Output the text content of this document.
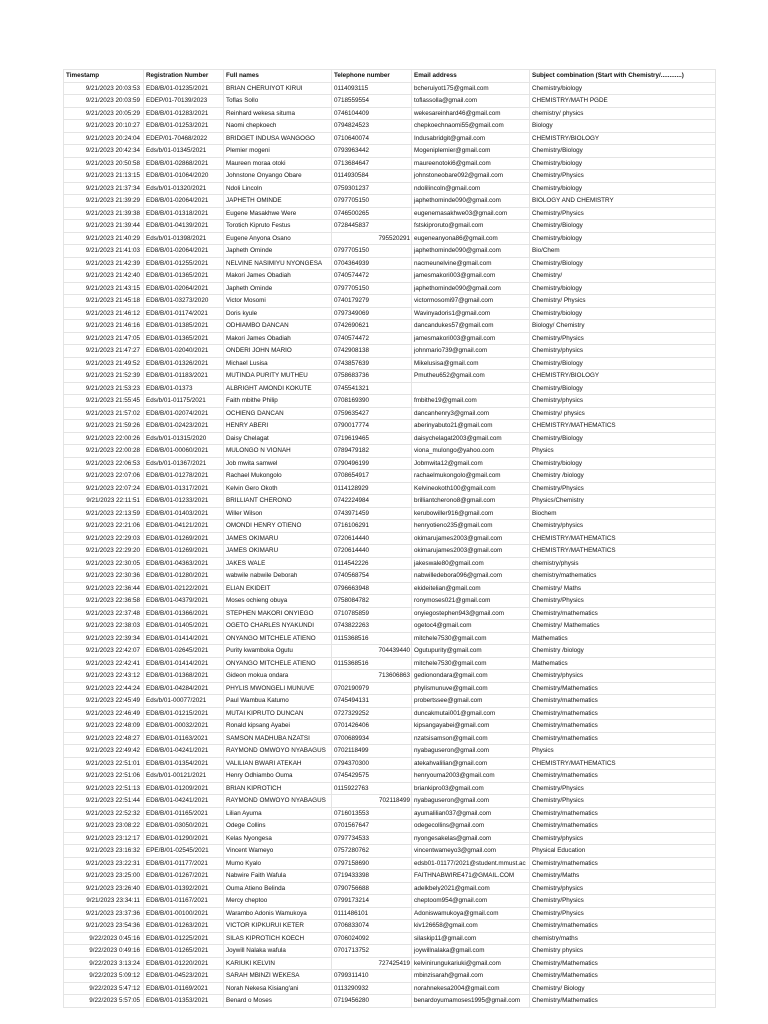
Timestamp	Registration Number	Full names	Telephone number	Email address	Subject combination (Start with Chemistry/............)
9/21/2023 20:03:53	ED8/B/01-01235/2021	BRIAN CHERUIYOT KIRUI	0114093115	bcheruiyot175@gmail.com	Chemistry/biology
9/21/2023 20:03:59	EDEP/01-70139/2023	Toflas Sollo	0718559554	toflassolla@gmail.com	CHEMISTRY/MATH PGDE
9/21/2023 20:05:29	ED8/B/01-01283/2021	Reinhard wekesa situma	0746104409	wekesareinhard46@gmail.com	chemistry/ physics
9/21/2023 20:10:27	ED8/B/01-01253/2021	Naomi chepkoech	0794824523	chepkoechnaomi55@gmail.com	Biology
9/21/2023 20:24:04	EDEP/01-70468/2022	BRIDGET INDUSA WANGOGO	0710640074	Indusabridgit@gmail.com	CHEMISTRY/BIOLOGY
9/21/2023 20:42:34	Eds/b/01-01345/2021	Plemier mogeni	0793963442	Mogeniplemier@gmail.com	Chemistry/Biology
9/21/2023 20:50:58	ED8/B/01-02868/2021	Maureen moraa otoki	0713684647	maureenotoki6@gmail.com	Chemistry/biology
9/21/2023 21:13:15	ED8/B/01-01064/2020	Johnstone Onyango Obare	0114930584	johnstoneobare092@gmail.com	Chemistry/Physics
9/21/2023 21:37:34	Eds/b/01-01320/2021	Ndoli Lincoln	0759301237	ndolilincoln@gmail.com	Chemistry/biology
9/21/2023 21:39:29	ED8/B/01-02064/2021	JAPHETH OMINDE	0797705150	japhethominde090@gmail.com	BIOLOGY AND CHEMISTRY
9/21/2023 21:39:38	ED8/B/01-01318/2021	Eugene Masakhwe Were	0746500265	eugenemasakhwe03@gmail.com	Chemistry/Physics
9/21/2023 21:39:44	ED8/B/01-04139/2021	Torotich Kipruto Festus	0728445837	fstskiproruto@gmail.com	Chemistry/Biology
9/21/2023 21:40:29	Eds/b/01-01398/2021	Eugene Anyona Osano	795520291	eugeneanyona86@gmail.com	Chemistry/biology
9/21/2023 21:41:03	ED8/B/01-02064/2021	Japheth Ominde	0797705150	japhethominde090@gmail.com	Bio/Chem
9/21/2023 21:42:39	ED8/B/01-01255/2021	NELVINE NASIMIYU NYONGESA	0704364939	nacmeunelvine@gmail.com	Chemistry/Biology
9/21/2023 21:42:40	ED8/B/01-01365/2021	Makori James Obadiah	0740574472	jamesmakori003@gmail.com	Chemistry/
9/21/2023 21:43:15	ED8/B/01-02064/2021	Japheth Ominde	0797705150	japhethominde090@gmail.com	Chemistry/biology
9/21/2023 21:45:18	ED8/B/01-03273/2020	Victor Mosomi	0740179279	victormosomi97@gmail.com	Chemistry/ Physics
9/21/2023 21:46:12	ED8/B/01-01174/2021	Doris kyule	0797349069	Wavinyadoris1@gmail.com	Chemistry/biology
9/21/2023 21:46:16	ED8/B/01-01385/2021	ODHIAMBO DANCAN	0742690621	dancandukes57@gmail.com	Biology/ Chemistry
9/21/2023 21:47:05	ED8/B/01-01365/2021	Makori James Obadiah	0740574472	jamesmakori003@gmail.com	Chemistry/Physics
9/21/2023 21:47:27	ED8/B/01-02040/2021	ONDERI JOHN MARIO	0742908138	johnmario739@gmail.com	Chemistry/physics
9/21/2023 21:49:52	ED8/B/01-01326/2021	Michael Lusisa	0743857639	Mikelusisa@gmail.com	Chemistry/Biology
9/21/2023 21:52:39	ED8/B/01-01183/2021	MUTINDA PURITY MUTHEU	0758683736	Pmutheu652@gmail.com	CHEMISTRY/BIOLOGY
9/21/2023 21:53:23	ED8/B/01-01373	ALBRIGHT AMONDI KOKUTE	0745541321		Chemistry/Biology
9/21/2023 21:55:45	Eds/b/01-01175/2021	Faith mbithe Philip	0708169390	fmbithe19@gmail.com	Chemistry/physics
9/21/2023 21:57:02	ED8/B/01-02074/2021	OCHIENG DANCAN	0759635427	dancanhenry3@gmail.com	Chemistry/ physics
9/21/2023 21:59:26	ED8/B/01-02423/2021	HENRY ABERI	0790017774	aberinyabuto21@gmail.com	CHEMISTRY/MATHEMATICS
9/21/2023 22:00:26	Eds/b/01-01315/2020	Daisy Chelagat	0719619465	daisychelagat2003@gmail.com	Chemistry/Biology
9/21/2023 22:00:28	ED8/B/01-00060/2021	MULONGO N VIONAH	0789479182	viona_mulongo@yahoo.com	Physics
9/21/2023 22:06:53	Eds/b/01-01367/2021	Job mwita samwel	0790496199	Jobmwita12@gmail.com	Chemistry/biology
9/21/2023 22:07:06	ED8/B/01-01278/2021	Rachael Mukongolo	0708654917	rachaelmukongolo@gmail.com	Chemistry /biology
9/21/2023 22:07:24	ED8/B/01-01317/2021	Kelvin Gero Okoth	0114128929	Kelvineokoth100@gmail.com	Chemistry/Physics
9/21/2023 22:11:51	ED8/B/01-01233/2021	BRILLIANT CHERONO	0742224984	brilliantcherono8@gmail.com	Physics/Chemistry
9/21/2023 22:13:59	ED8/B/01-01403/2021	Willer Wilson	0743971459	kerubowiller916@gmail.com	Biochem
9/21/2023 22:21:06	ED8/B/01-04121/2021	OMONDI HENRY OTIENO	0716106291	henryotieno235@gmail.com	Chemistry/physics
9/21/2023 22:29:03	ED8/B/01-01269/2021	JAMES OKIMARU	0720614440	okimarujames2003@gmail.com	CHEMISTRY/MATHEMATICS
9/21/2023 22:29:20	ED8/B/01-01269/2021	JAMES OKIMARU	0720614440	okimarujames2003@gmail.com	CHEMISTRY/MATHEMATICS
9/21/2023 22:30:05	ED8/B/01-04363/2021	JAKES WALE	0114542226	jakeswale80@gmail.com	chemistry/physis
9/21/2023 22:30:36	ED8/B/01-01280/2021	wabwile nabwile Deborah	0740568754	nabwilledebora096@gmail.com	chemistry/mathematics
9/21/2023 22:36:44	ED8/B/01-02122/2021	ELIAN EKIDEIT	0796663948	ekideitelian@gmail.com	Chemistry/ Maths
9/21/2023 22:36:58	ED8/B/01-04379/2021	Moses ochieng obuya	0758084782	ronymoses021@gmail.com	Chemistry/Physics
9/21/2023 22:37:48	ED8/B/01-01366/2021	STEPHEN MAKORI ONYIEGO	0710785859	onyiegostephen943@gmail.com	Chemistry/mathematics
9/21/2023 22:38:03	ED8/B/01-01405/2021	OGETO CHARLES NYAKUNDI	0743822263	ogetoc4@gmail.com	Chemistry/ Mathematics
9/21/2023 22:39:34	ED8/B/01-01414/2021	ONYANGO MITCHELE ATIENO	0115368516	mitchele7530@gmail.com	Mathematics
9/21/2023 22:42:07	ED8/B/01-02645/2021	Purity kwamboka Ogutu	704439440	Ogutupurity@gmail.com	Chemistry /biology
9/21/2023 22:42:41	ED8/B/01-01414/2021	ONYANGO MITCHELE ATIENO	0115368516	mitchele7530@gmail.com	Mathematics
9/21/2023 22:43:12	ED8/B/01-01368/2021	Gideon mokua ondara	713606863	gedionondara@gmail.com	Chemistry/physics
9/21/2023 22:44:24	ED8/B/01-04284/2021	PHYLIS MWONGELI MUNUVE	0702190979	phylismunuve@gmail.com	Chemistry/Mathematics
9/21/2023 22:45:49	Eds/b/01-00077/2021	Paul Wambua Katumo	0745494131	probertssee@gmail.com	Chemistry/mathematics
9/21/2023 22:46:49	ED8/B/01-01215/2021	MUTAI KIPRUTO DUNCAN	0727329252	duncakmutai001@gmail.com	Chemistry/mathematics
9/21/2023 22:48:09	ED8/B/01-00032/2021	Ronald kipsang Ayabei	0701426406	kipsangayabei@gmail.com	Chemistry/mathematics
9/21/2023 22:48:27	ED8/B/01-01163/2021	SAMSON MADHUBA NZATSI	0700689934	nzatsisamson@gmail.com	Chemistry/mathematics
9/21/2023 22:49:42	ED8/B/01-04241/2021	RAYMOND OMWOYO NYABAGUS	0702118499	nyabaguseron@gmail.com	Physics
9/21/2023 22:51:01	ED8/B/01-01354/2021	VALILIAN BWARI ATEKAH	0794370300	atekahvalilian@gmail.com	CHEMISTRY/MATHEMATICS
9/21/2023 22:51:06	Eds/b/01-00121/2021	Henry Odhiambo Ouma	0745429575	henryouma2003@gmail.com	Chemistry/mathematics
9/21/2023 22:51:13	ED8/B/01-01209/2021	BRIAN KIPROTICH	0115922763	briankipro03@gmail.com	Chemistry/Physics
9/21/2023 22:51:44	ED8/B/01-04241/2021	RAYMOND OMWOYO NYABAGUS	702118499	nyabaguseron@gmail.com	Chemistry/Physics
9/21/2023 22:52:32	ED8/B/01-01165/2021	Lilian Ayuma	0716013553	ayumalilian037@gmail.com	Chemistry/mathematics
9/21/2023 23:08:22	ED8/B/01-03050/2021	Odege Collins	0701567647	odegecollins@gmail.com	Chemistry/mathematics
9/21/2023 23:12:17	ED8/B/01-01290/2021	Kelas Nyongesa	0797734533	nyongesakelas@gmail.com	Chemistry/physics
9/21/2023 23:16:32	EPE/B/01-02545/2021	Vincent Wameyo	0757280762	vincentwameyo3@gmail.com	Physical Education
9/21/2023 23:22:31	ED8/B/01-01177/2021	Mumo Kyalo	0797158690	edsb01-01177/2021@student.mmust.ac	Chemistry/mathematics
9/21/2023 23:25:00	ED8/B/01-01267/2021	Nabwire Faith Wafula	0719433398	FAITHNABWIRE471@GMAIL.COM	Chemistry/Maths
9/21/2023 23:26:40	ED8/B/01-01392/2021	Ouma Atieno Belinda	0790756688	adelkbely2021@gmail.com	Chemistry/physics
9/21/2023 23:34:11	ED8/B/01-01167/2021	Mercy cheptoo	0799173214	cheptoom954@gmail.com	Chemistry/Physics
9/21/2023 23:37:36	ED8/B/01-00100/2021	Warambo Adonis Wamukoya	0111486101	Adoniswamukoya@gmail.com	Chemistry/Physics
9/21/2023 23:54:36	ED8/B/01-01263/2021	VICTOR KIPKURUI KETER	0706833074	kiv126658@gmail.com	Chemistry/mathematics
9/22/2023 0:45:16	ED8/B/01-01225/2021	SILAS KIPROTICH KOECH	0706024092	silaskip11@gmail.com	chemistry/maths
9/22/2023 0:49:16	ED8/B/01-01265/2021	Joywill Nalaka wafula	0701713752	joywillnalaka@gmail.com	Chemistry physics
9/22/2023 3:13:24	ED8/B/01-01220/2021	KARIUKI KELVIN	727425419	kelvinirungukariuki@gmail.com	Chemistry/Mathematics
9/22/2023 5:09:12	ED8/B/01-04523/2021	SARAH MBINZI WEKESA	0799311410	mbinzisarah@gmail.com	Chemistry/Mathematics
9/22/2023 5:47:12	ED8/B/01-01169/2021	Norah Nekesa Kisiang'ani	0113290932	norahnekesa2004@gmail.com	Chemistry/ Biology
9/22/2023 5:57:05	ED8/B/01-01353/2021	Benard o Moses	0719456280	benardoyumamoses1995@gmail.com	Chemistry/Mathematics
